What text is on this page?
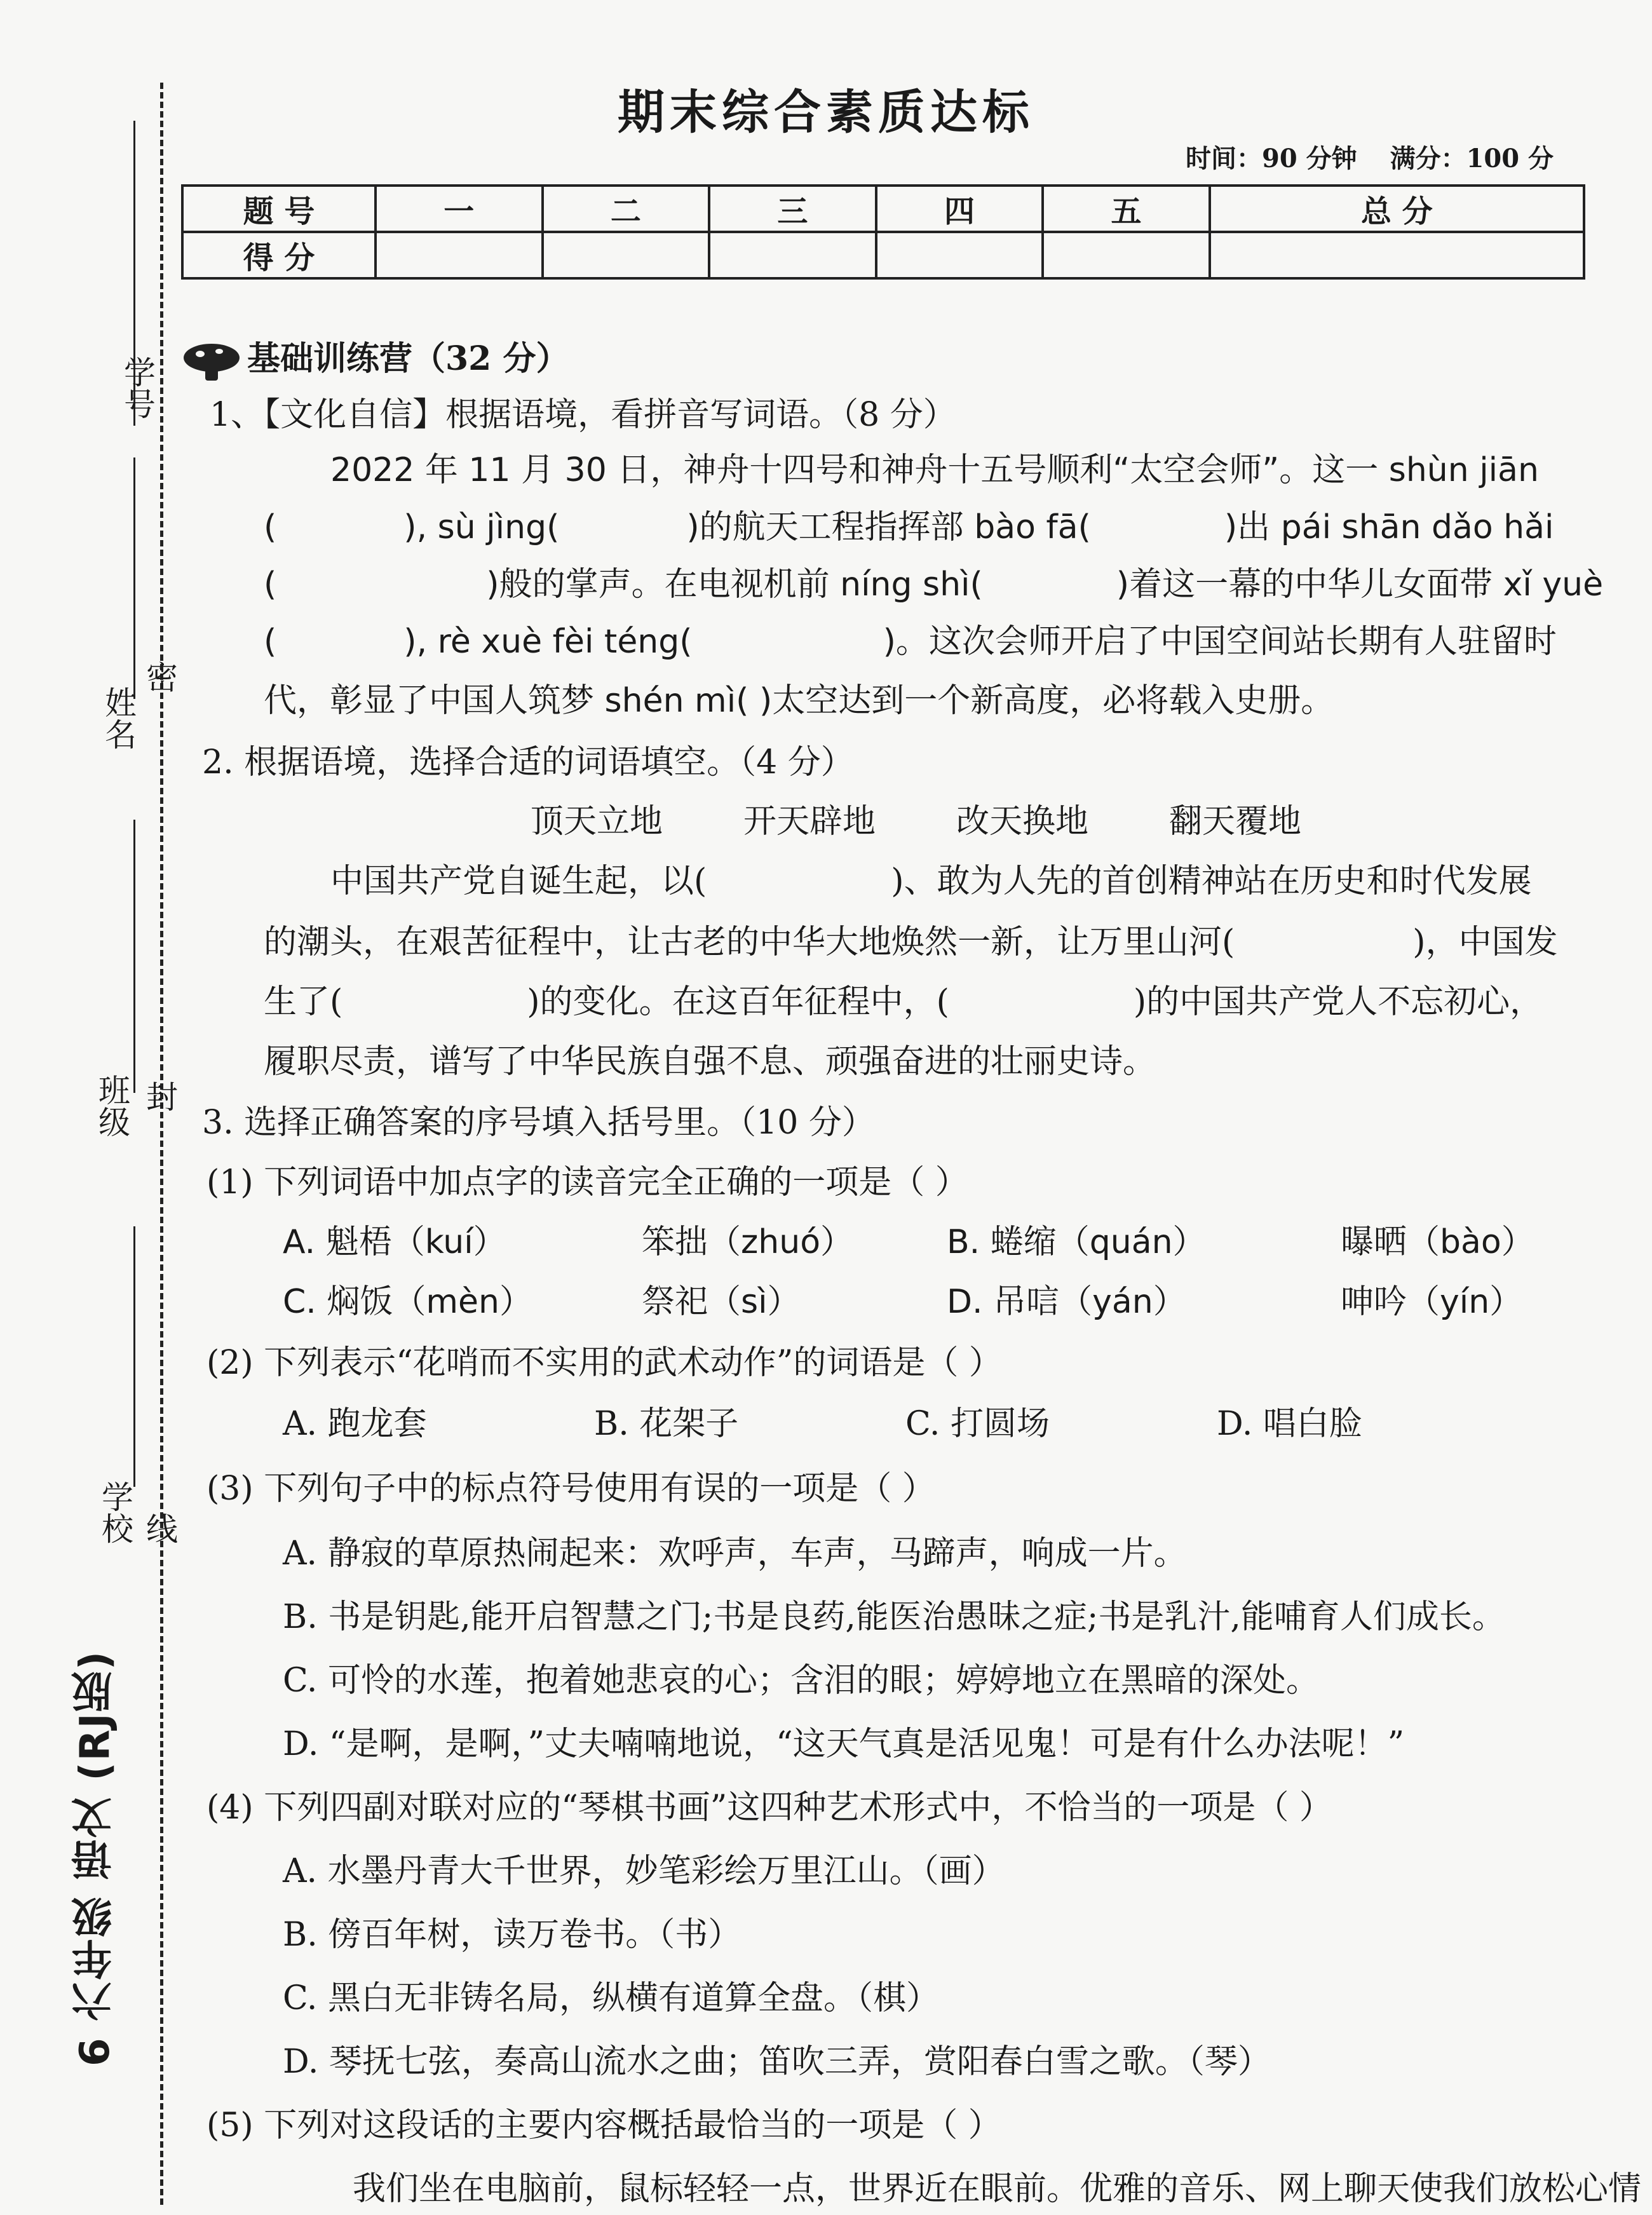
学号
密
姓名
封
班级
学校 线
6 六年级 语文 (RJ版)
期末综合素质达标
时间：90 分钟 满分：100 分
题 号	一	二	三	四	五	总 分
得 分						
基础训练营（32 分）
1、【文化自信】根据语境，看拼音写词语。（8 分）
2022 年 11 月 30 日，神舟十四号和神舟十五号顺利“太空会师”。这一 shùn jiān
(	), sù jìng(	)的航天工程指挥部 bào fā(	)出 pái shān dǎo hǎi
(	)般的掌声。在电视机前 níng shì(	)着这一幕的中华儿女面带 xǐ yuè
(	), rè xuè fèi téng(	)。这次会师开启了中国空间站长期有人驻留时
代，彰显了中国人筑梦 shén mì( )太空达到一个新高度，必将载入史册。
2. 根据语境，选择合适的词语填空。（4 分）
顶天立地 开天辟地 改天换地 翻天覆地
中国共产党自诞生起，以(	)、敢为人先的首创精神站在历史和时代发展
的潮头，在艰苦征程中，让古老的中华大地焕然一新，让万里山河(	)，中国发
生了(	)的变化。在这百年征程中，(	)的中国共产党人不忘初心，
履职尽责，谱写了中华民族自强不息、顽强奋进的壮丽史诗。
3. 选择正确答案的序号填入括号里。（10 分）
(1) 下列词语中加点字的读音完全正确的一项是（ ）
A. 魁梧（kuí）	笨拙（zhuó）	B. 蜷缩（quán）	曝晒（bào）
C. 焖饭（mèn）	祭祀（sì）	D. 吊唁（yán）	呻吟（yín）
(2) 下列表示“花哨而不实用的武术动作”的词语是（ ）
A. 跑龙套	B. 花架子	C. 打圆场	D. 唱白脸
(3) 下列句子中的标点符号使用有误的一项是（ ）
A. 静寂的草原热闹起来：欢呼声，车声，马蹄声，响成一片。
B. 书是钥匙,能开启智慧之门;书是良药,能医治愚昧之症;书是乳汁,能哺育人们成长。
C. 可怜的水莲，抱着她悲哀的心；含泪的眼；婷婷地立在黑暗的深处。
D. “是啊，是啊，”丈夫喃喃地说，“这天气真是活见鬼！可是有什么办法呢！”
(4) 下列四副对联对应的“琴棋书画”这四种艺术形式中，不恰当的一项是（ ）
A. 水墨丹青大千世界，妙笔彩绘万里江山。（画）
B. 傍百年树，读万卷书。（书）
C. 黑白无非铸名局，纵横有道算全盘。（棋）
D. 琴抚七弦，奏高山流水之曲；笛吹三弄，赏阳春白雪之歌。（琴）
(5) 下列对这段话的主要内容概括最恰当的一项是（ ）
我们坐在电脑前，鼠标轻轻一点，世界近在眼前。优雅的音乐、网上聊天使我们放松心情
